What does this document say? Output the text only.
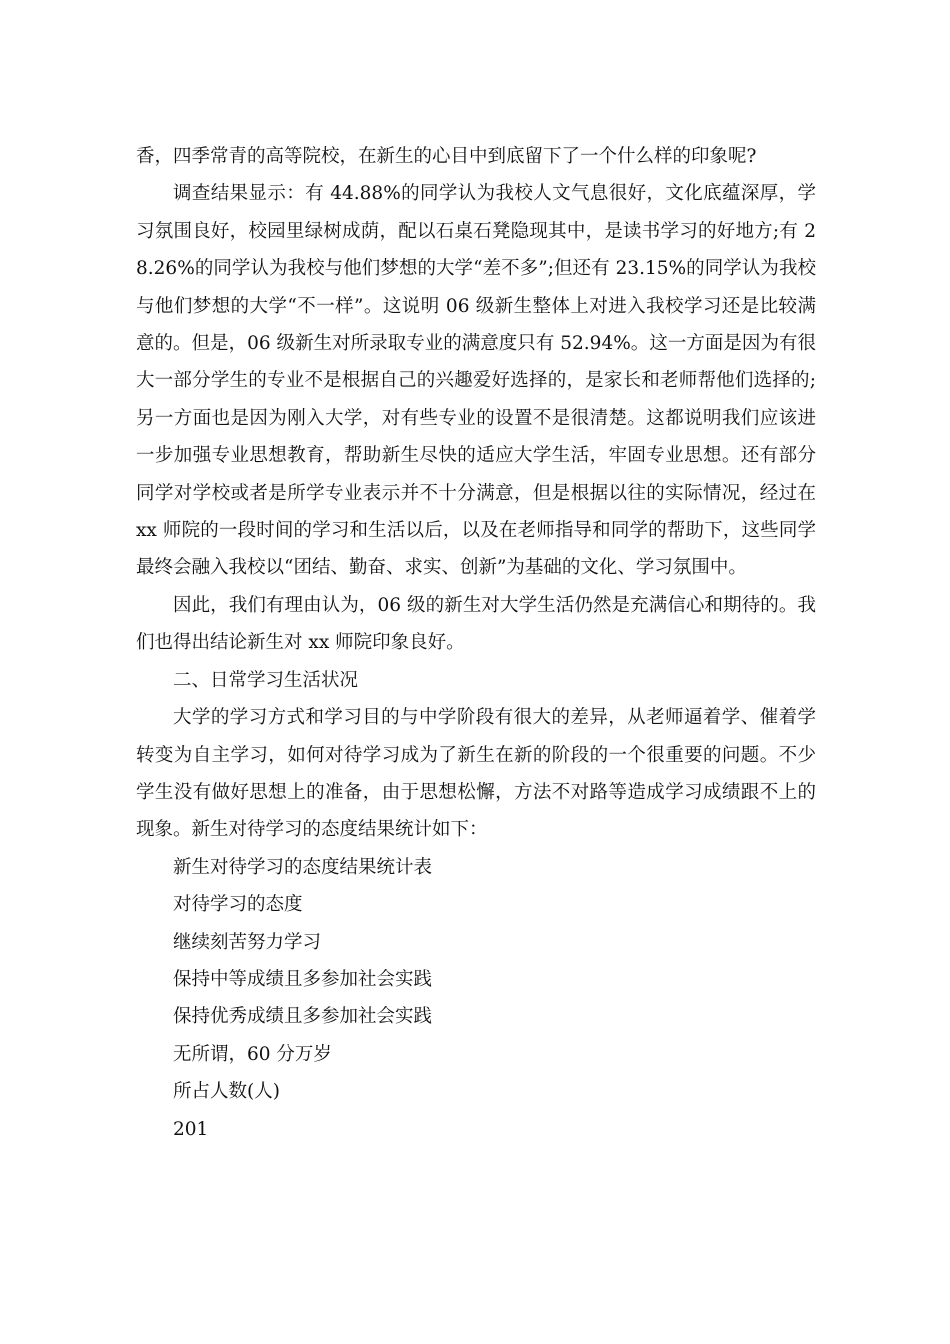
香，四季常青的高等院校，在新生的心目中到底留下了一个什么样的印象呢?

调查结果显示：有 44.88%的同学认为我校人文气息很好，文化底蕴深厚，学习氛围良好，校园里绿树成荫，配以石桌石凳隐现其中，是读书学习的好地方;有 28.26%的同学认为我校与他们梦想的大学“差不多”;但还有 23.15%的同学认为我校与他们梦想的大学“不一样”。这说明 06 级新生整体上对进入我校学习还是比较满意的。但是，06 级新生对所录取专业的满意度只有 52.94%。这一方面是因为有很大一部分学生的专业不是根据自己的兴趣爱好选择的，是家长和老师帮他们选择的;另一方面也是因为刚入大学，对有些专业的设置不是很清楚。这都说明我们应该进一步加强专业思想教育，帮助新生尽快的适应大学生活，牢固专业思想。还有部分同学对学校或者是所学专业表示并不十分满意，但是根据以往的实际情况，经过在 xx 师院的一段时间的学习和生活以后，以及在老师指导和同学的帮助下，这些同学最终会融入我校以“团结、勤奋、求实、创新”为基础的文化、学习氛围中。

因此，我们有理由认为，06 级的新生对大学生活仍然是充满信心和期待的。我们也得出结论新生对 xx 师院印象良好。

二、日常学习生活状况

大学的学习方式和学习目的与中学阶段有很大的差异，从老师逼着学、催着学转变为自主学习，如何对待学习成为了新生在新的阶段的一个很重要的问题。不少学生没有做好思想上的准备，由于思想松懈，方法不对路等造成学习成绩跟不上的现象。新生对待学习的态度结果统计如下：

新生对待学习的态度结果统计表

对待学习的态度

继续刻苦努力学习

保持中等成绩且多参加社会实践

保持优秀成绩且多参加社会实践

无所谓，60 分万岁

所占人数(人)

201
